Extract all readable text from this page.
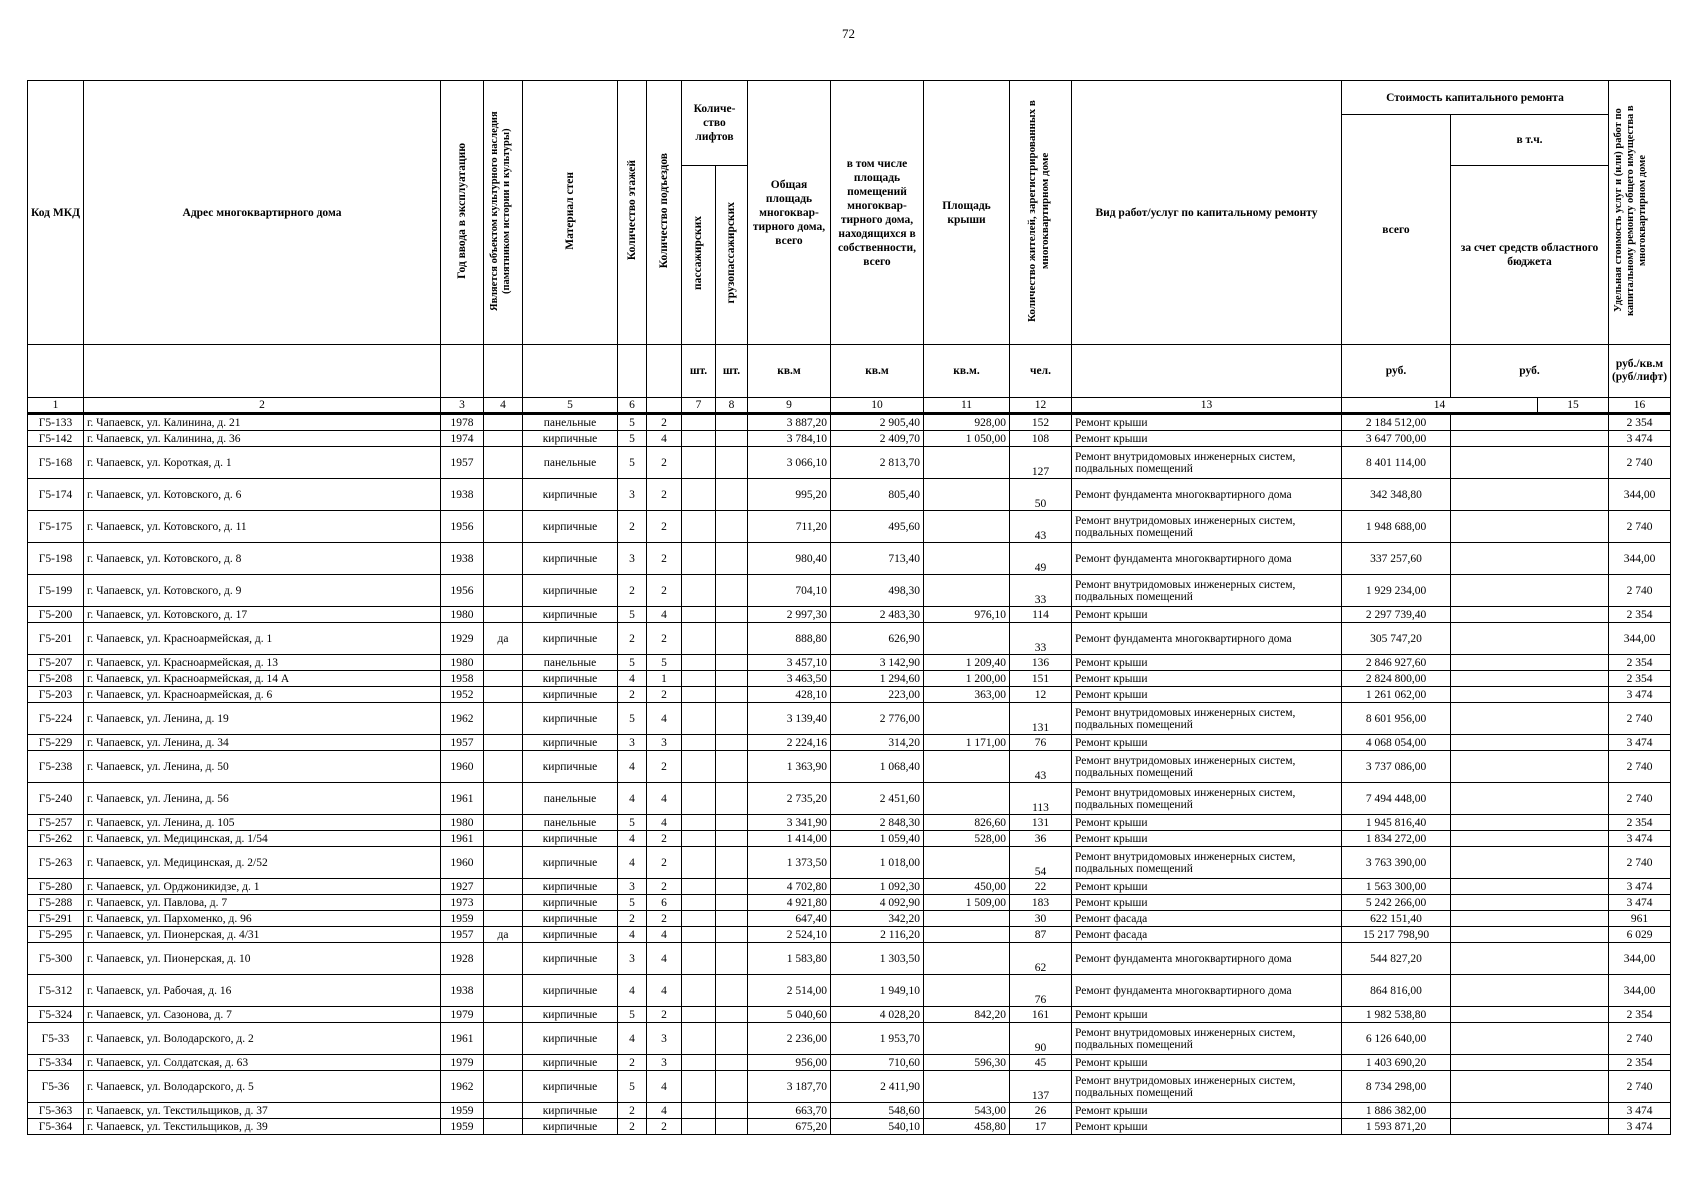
72
Код МКД	Адрес многоквартирного дома	Год ввода в эксплуатацию	Является объектом культурного наследия (памятником истории и культуры)	Материал стен	Количество этажей	Количество подъездов	Количе-ство лифтов		Общая площадь многоквар-тирного дома, всего	в том числе площадь помещений многоквар-тирного дома, находящихся в собственности, всего	Площадь крыши	Количество жителей, зарегистрированных в многоквартирном доме	Вид работ/услуг по капитальному ремонту	Стоимость капитального ремонта			Удельная стоимость услуг и (или) работ по капитальному ремонту общего имущества в многоквартирном доме	
														всего	в т.ч.			
							пассажирских	грузопассажирских							за счет средств областного бюджета			
							шт.	шт.	кв.м	кв.м	кв.м.	чел.		руб.	руб.		руб./кв.м (руб/лифт)	
1	2	3	4	5	6		7	8	9	10	11	12	13	14		15	16	
Г5-133	г. Чапаевск, ул. Калинина, д. 21	1978		панельные	5	2			3 887,20	2 905,40	928,00	152	Ремонт крыши	2 184 512,00			2 354	
Г5-142	г. Чапаевск, ул. Калинина, д. 36	1974		кирпичные	5	4			3 784,10	2 409,70	1 050,00	108	Ремонт крыши	3 647 700,00			3 474	
Г5-168	г. Чапаевск, ул. Короткая, д. 1	1957		панельные	5	2			3 066,10	2 813,70		127	Ремонт внутридомовых инженерных систем, подвальных помещений	8 401 114,00			2 740	
Г5-174	г. Чапаевск, ул. Котовского, д. 6	1938		кирпичные	3	2			995,20	805,40		50	Ремонт фундамента многоквартирного дома	342 348,80			344,00	
Г5-175	г. Чапаевск, ул. Котовского, д. 11	1956		кирпичные	2	2			711,20	495,60		43	Ремонт внутридомовых инженерных систем, подвальных помещений	1 948 688,00			2 740	
Г5-198	г. Чапаевск, ул. Котовского, д. 8	1938		кирпичные	3	2			980,40	713,40		49	Ремонт фундамента многоквартирного дома	337 257,60			344,00	
Г5-199	г. Чапаевск, ул. Котовского, д. 9	1956		кирпичные	2	2			704,10	498,30		33	Ремонт внутридомовых инженерных систем, подвальных помещений	1 929 234,00			2 740	
Г5-200	г. Чапаевск, ул. Котовского, д. 17	1980		кирпичные	5	4			2 997,30	2 483,30	976,10	114	Ремонт крыши	2 297 739,40			2 354	
Г5-201	г. Чапаевск, ул. Красноармейская, д. 1	1929	да	кирпичные	2	2			888,80	626,90		33	Ремонт фундамента многоквартирного дома	305 747,20			344,00	
Г5-207	г. Чапаевск, ул. Красноармейская, д. 13	1980		панельные	5	5			3 457,10	3 142,90	1 209,40	136	Ремонт крыши	2 846 927,60			2 354	
Г5-208	г. Чапаевск, ул. Красноармейская, д. 14 А	1958		кирпичные	4	1			3 463,50	1 294,60	1 200,00	151	Ремонт крыши	2 824 800,00			2 354	
Г5-203	г. Чапаевск, ул. Красноармейская, д. 6	1952		кирпичные	2	2			428,10	223,00	363,00	12	Ремонт крыши	1 261 062,00			3 474	
Г5-224	г. Чапаевск, ул. Ленина, д. 19	1962		кирпичные	5	4			3 139,40	2 776,00		131	Ремонт внутридомовых инженерных систем, подвальных помещений	8 601 956,00			2 740	
Г5-229	г. Чапаевск, ул. Ленина, д. 34	1957		кирпичные	3	3			2 224,16	314,20	1 171,00	76	Ремонт крыши	4 068 054,00			3 474	
Г5-238	г. Чапаевск, ул. Ленина, д. 50	1960		кирпичные	4	2			1 363,90	1 068,40		43	Ремонт внутридомовых инженерных систем, подвальных помещений	3 737 086,00			2 740	
Г5-240	г. Чапаевск, ул. Ленина, д. 56	1961		панельные	4	4			2 735,20	2 451,60		113	Ремонт внутридомовых инженерных систем, подвальных помещений	7 494 448,00			2 740	
Г5-257	г. Чапаевск, ул. Ленина, д. 105	1980		панельные	5	4			3 341,90	2 848,30	826,60	131	Ремонт крыши	1 945 816,40			2 354	
Г5-262	г. Чапаевск, ул. Медицинская, д. 1/54	1961		кирпичные	4	2			1 414,00	1 059,40	528,00	36	Ремонт крыши	1 834 272,00			3 474	
Г5-263	г. Чапаевск, ул. Медицинская, д. 2/52	1960		кирпичные	4	2			1 373,50	1 018,00		54	Ремонт внутридомовых инженерных систем, подвальных помещений	3 763 390,00			2 740	
Г5-280	г. Чапаевск, ул. Орджоникидзе, д. 1	1927		кирпичные	3	2			4 702,80	1 092,30	450,00	22	Ремонт крыши	1 563 300,00			3 474	
Г5-288	г. Чапаевск, ул. Павлова, д. 7	1973		кирпичные	5	6			4 921,80	4 092,90	1 509,00	183	Ремонт крыши	5 242 266,00			3 474	
Г5-291	г. Чапаевск, ул. Пархоменко, д. 96	1959		кирпичные	2	2			647,40	342,20		30	Ремонт фасада	622 151,40			961	
Г5-295	г. Чапаевск, ул. Пионерская, д. 4/31	1957	да	кирпичные	4	4			2 524,10	2 116,20		87	Ремонт фасада	15 217 798,90			6 029	
Г5-300	г. Чапаевск, ул. Пионерская, д. 10	1928		кирпичные	3	4			1 583,80	1 303,50		62	Ремонт фундамента многоквартирного дома	544 827,20			344,00	
Г5-312	г. Чапаевск, ул. Рабочая, д. 16	1938		кирпичные	4	4			2 514,00	1 949,10		76	Ремонт фундамента многоквартирного дома	864 816,00			344,00	
Г5-324	г. Чапаевск, ул. Сазонова, д. 7	1979		кирпичные	5	2			5 040,60	4 028,20	842,20	161	Ремонт крыши	1 982 538,80			2 354	
Г5-33	г. Чапаевск, ул. Володарского, д. 2	1961		кирпичные	4	3			2 236,00	1 953,70		90	Ремонт внутридомовых инженерных систем, подвальных помещений	6 126 640,00			2 740	
Г5-334	г. Чапаевск, ул. Солдатская, д. 63	1979		кирпичные	2	3			956,00	710,60	596,30	45	Ремонт крыши	1 403 690,20			2 354	
Г5-36	г. Чапаевск, ул. Володарского, д. 5	1962		кирпичные	5	4			3 187,70	2 411,90		137	Ремонт внутридомовых инженерных систем, подвальных помещений	8 734 298,00			2 740	
Г5-363	г. Чапаевск, ул. Текстильщиков, д. 37	1959		кирпичные	2	4			663,70	548,60	543,00	26	Ремонт крыши	1 886 382,00			3 474	
Г5-364	г. Чапаевск, ул. Текстильщиков, д. 39	1959		кирпичные	2	2			675,20	540,10	458,80	17	Ремонт крыши	1 593 871,20			3 474	
